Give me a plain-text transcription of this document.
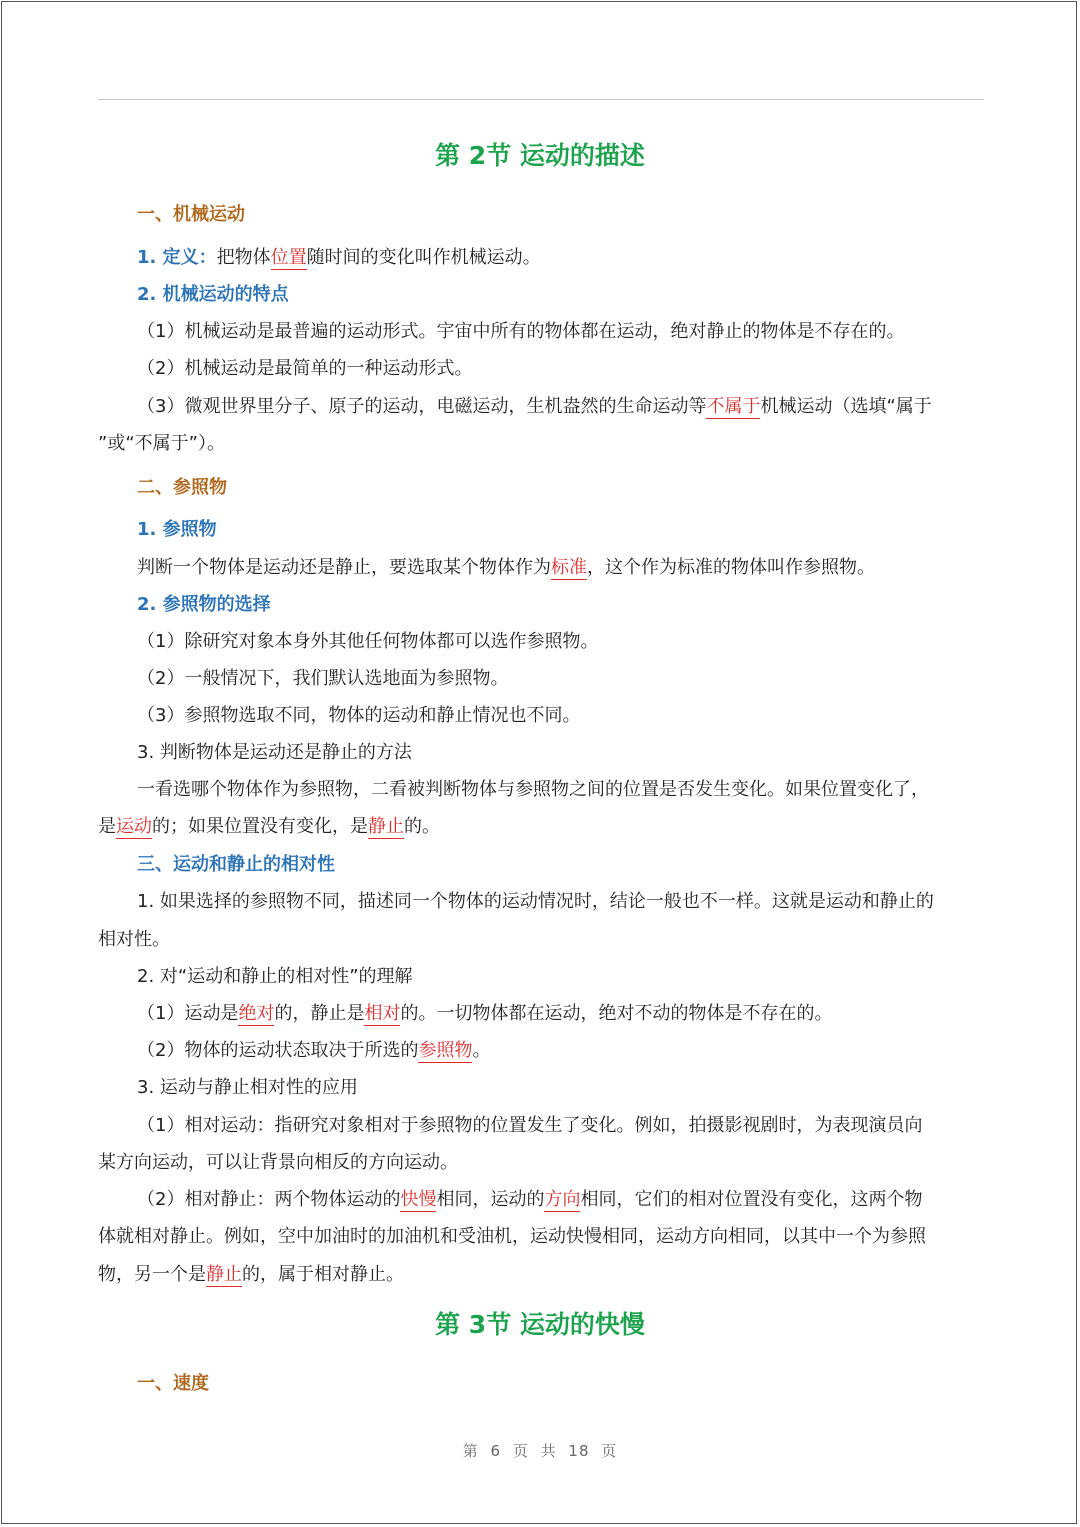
第 2节 运动的描述
一、机械运动
1. 定义：把物体位置随时间的变化叫作机械运动。
2. 机械运动的特点
（1）机械运动是最普遍的运动形式。宇宙中所有的物体都在运动，绝对静止的物体是不存在的。
（2）机械运动是最简单的一种运动形式。
（3）微观世界里分子、原子的运动，电磁运动，生机盎然的生命运动等不属于机械运动（选填“属于
”或“不属于”）。
二、参照物
1. 参照物
判断一个物体是运动还是静止，要选取某个物体作为标准，这个作为标准的物体叫作参照物。
2. 参照物的选择
（1）除研究对象本身外其他任何物体都可以选作参照物。
（2）一般情况下，我们默认选地面为参照物。
（3）参照物选取不同，物体的运动和静止情况也不同。
3. 判断物体是运动还是静止的方法
一看选哪个物体作为参照物，二看被判断物体与参照物之间的位置是否发生变化。如果位置变化了，
是运动的；如果位置没有变化，是静止的。
三、运动和静止的相对性
1. 如果选择的参照物不同，描述同一个物体的运动情况时，结论一般也不一样。这就是运动和静止的
相对性。
2. 对“运动和静止的相对性”的理解
（1）运动是绝对的，静止是相对的。一切物体都在运动，绝对不动的物体是不存在的。
（2）物体的运动状态取决于所选的参照物。
3. 运动与静止相对性的应用
（1）相对运动：指研究对象相对于参照物的位置发生了变化。例如，拍摄影视剧时，为表现演员向
某方向运动，可以让背景向相反的方向运动。
（2）相对静止：两个物体运动的快慢相同，运动的方向相同，它们的相对位置没有变化，这两个物
体就相对静止。例如，空中加油时的加油机和受油机，运动快慢相同，运动方向相同，以其中一个为参照
物，另一个是静止的，属于相对静止。
第 3节 运动的快慢
一、速度
第 6 页 共 18 页
